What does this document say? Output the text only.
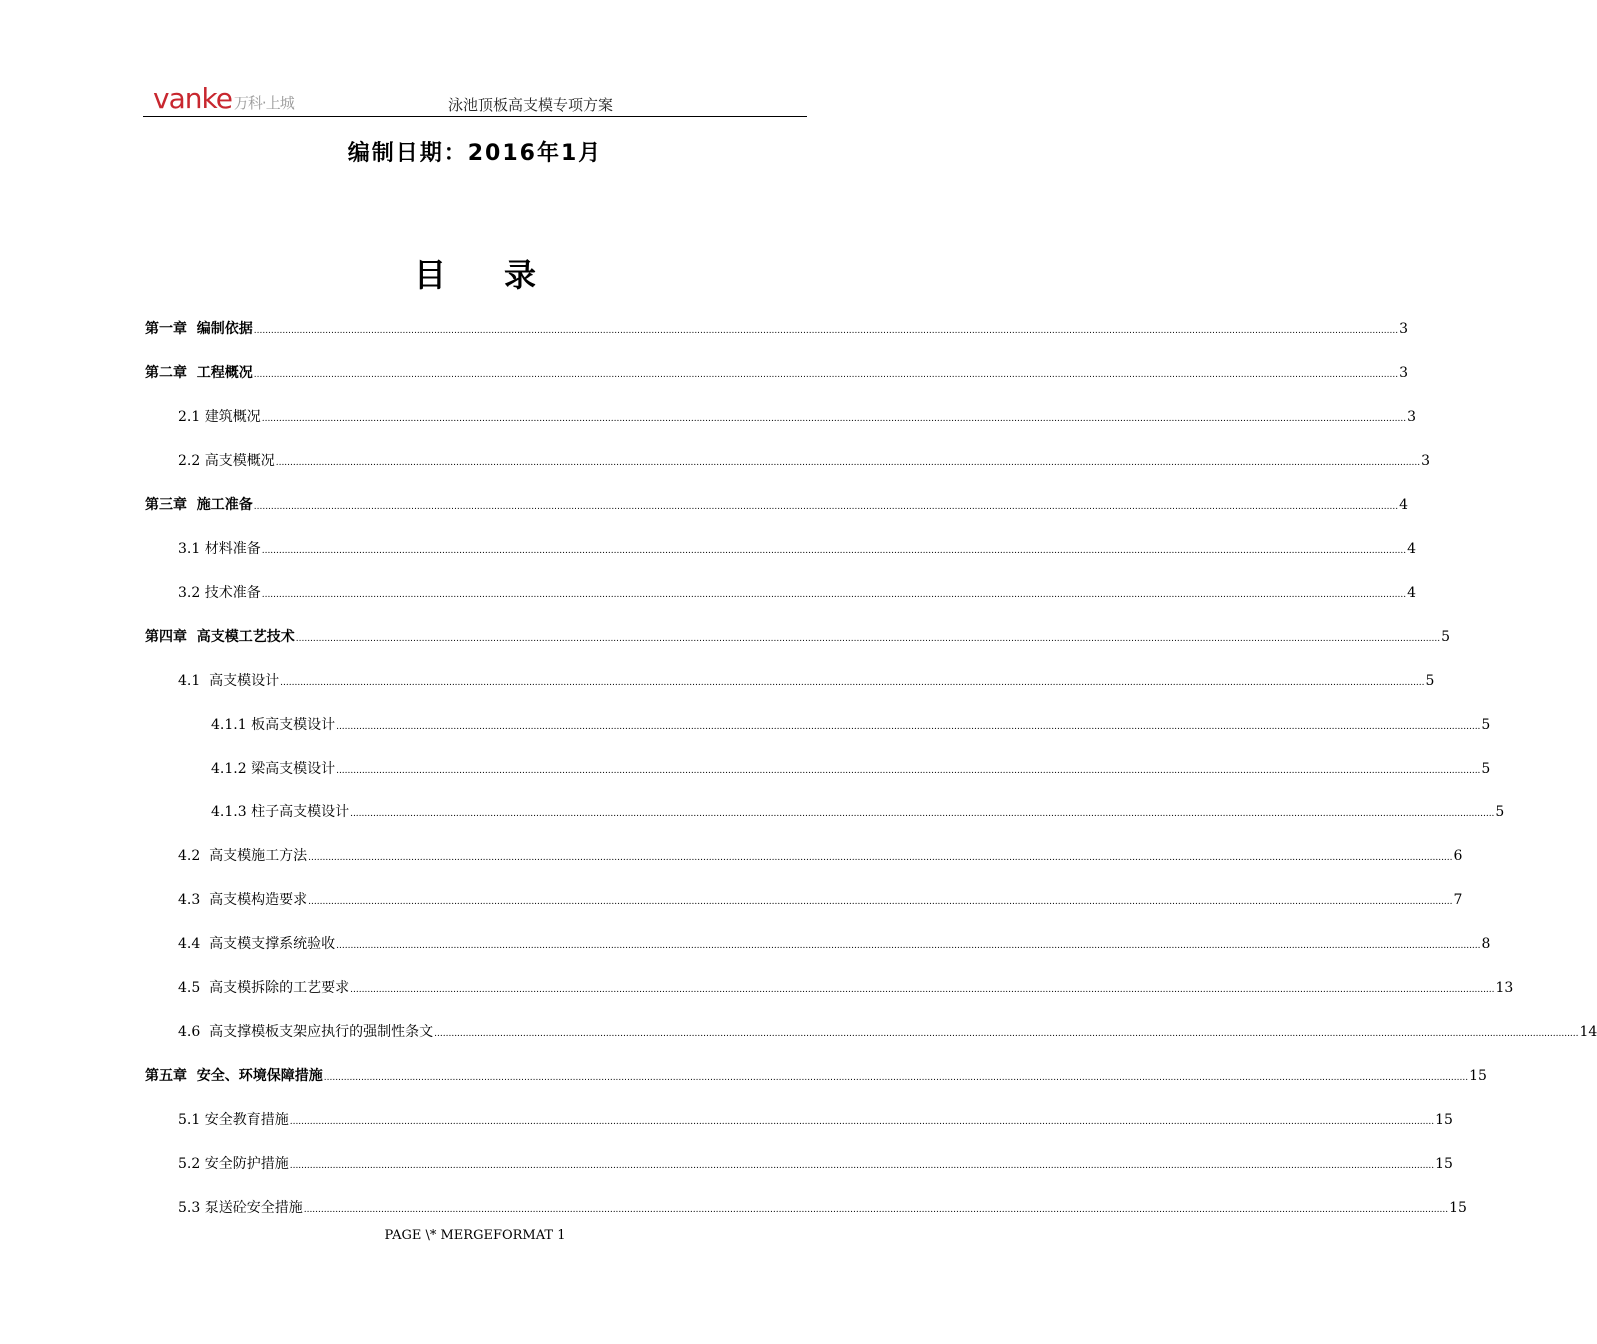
vanke 万科·上城	泳池顶板高支模专项方案
编制日期：2016年1月
目 录
第一章  编制依据 ................................................................................................................................................................................................................................................................................................................................................................................................................ 3
第二章  工程概况 ................................................................................................................................................................................................................................................................................................................................................................................................................ 3
2.1 建筑概况 ................................................................................................................................................................................................................................................................................................................................................................................................................ 3
2.2 高支模概况 ................................................................................................................................................................................................................................................................................................................................................................................................................ 3
第三章  施工准备 ................................................................................................................................................................................................................................................................................................................................................................................................................ 4
3.1 材料准备 ................................................................................................................................................................................................................................................................................................................................................................................................................ 4
3.2 技术准备 ................................................................................................................................................................................................................................................................................................................................................................................................................ 4
第四章  高支模工艺技术 ................................................................................................................................................................................................................................................................................................................................................................................................................ 5
4.1  高支模设计 ................................................................................................................................................................................................................................................................................................................................................................................................................ 5
4.1.1 板高支模设计 ................................................................................................................................................................................................................................................................................................................................................................................................................ 5
4.1.2 梁高支模设计 ................................................................................................................................................................................................................................................................................................................................................................................................................ 5
4.1.3 柱子高支模设计 ................................................................................................................................................................................................................................................................................................................................................................................................................ 5
4.2  高支模施工方法 ................................................................................................................................................................................................................................................................................................................................................................................................................ 6
4.3  高支模构造要求 ................................................................................................................................................................................................................................................................................................................................................................................................................ 7
4.4  高支模支撑系统验收 ................................................................................................................................................................................................................................................................................................................................................................................................................ 8
4.5  高支模拆除的工艺要求 ................................................................................................................................................................................................................................................................................................................................................................................................................ 13
4.6  高支撑模板支架应执行的强制性条文 ................................................................................................................................................................................................................................................................................................................................................................................................................ 14
第五章  安全、环境保障措施 ................................................................................................................................................................................................................................................................................................................................................................................................................ 15
5.1 安全教育措施 ................................................................................................................................................................................................................................................................................................................................................................................................................ 15
5.2 安全防护措施 ................................................................................................................................................................................................................................................................................................................................................................................................................ 15
5.3 泵送砼安全措施 ................................................................................................................................................................................................................................................................................................................................................................................................................ 15
PAGE \* MERGEFORMAT 1
